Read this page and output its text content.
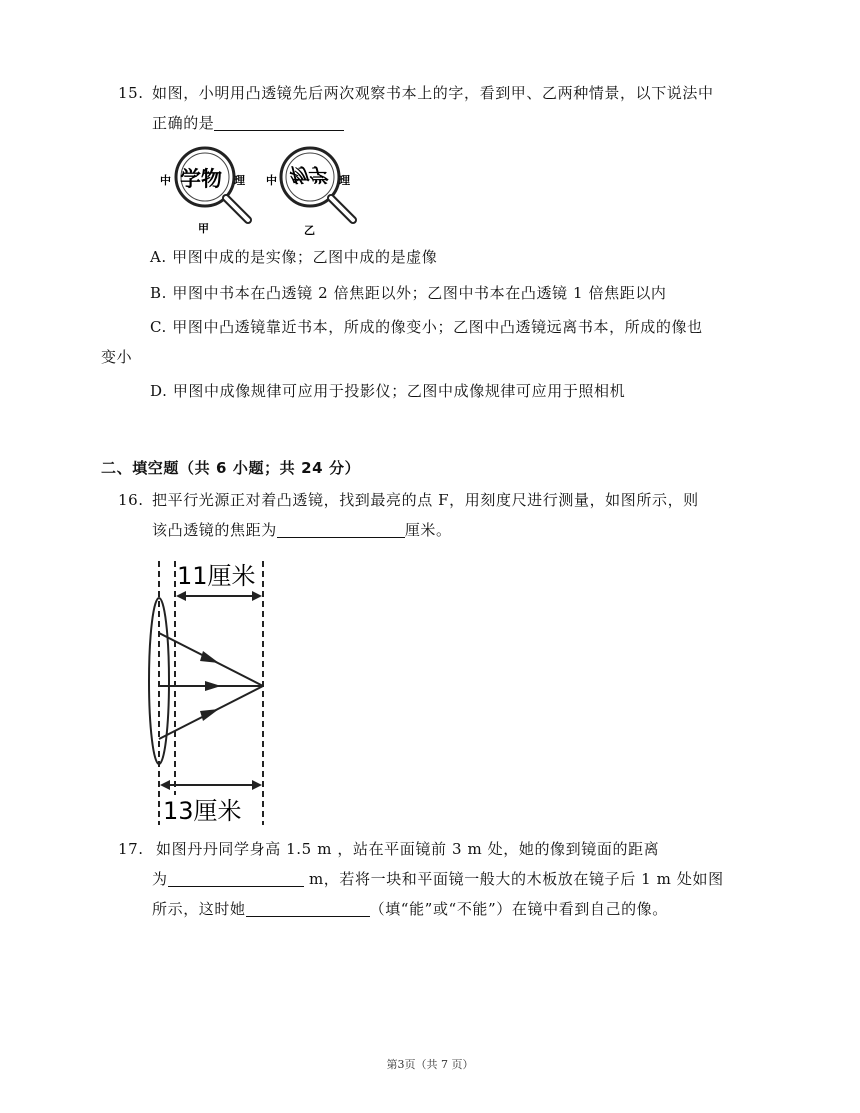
15. 如图，小明用凸透镜先后两次观察书本上的字，看到甲、乙两种情景，以下说法中
正确的是
中 学物 理
甲
中 物学 理
乙
A. 甲图中成的是实像；乙图中成的是虚像
B. 甲图中书本在凸透镜 2 倍焦距以外；乙图中书本在凸透镜 1 倍焦距以内
C. 甲图中凸透镜靠近书本，所成的像变小；乙图中凸透镜远离书本，所成的像也
变小
D. 甲图中成像规律可应用于投影仪；乙图中成像规律可应用于照相机
二、填空题（共 6 小题；共 24 分）
16. 把平行光源正对着凸透镜，找到最亮的点 F，用刻度尺进行测量，如图所示，则
该凸透镜的焦距为	厘米。
11厘米
13厘米
17. 如图丹丹同学身高 1.5 m ，站在平面镜前 3 m 处，她的像到镜面的距离
为	m，若将一块和平面镜一般大的木板放在镜子后 1 m 处如图
所示，这时她	（填“能”或“不能”）在镜中看到自己的像。
第3页（共 7 页）
